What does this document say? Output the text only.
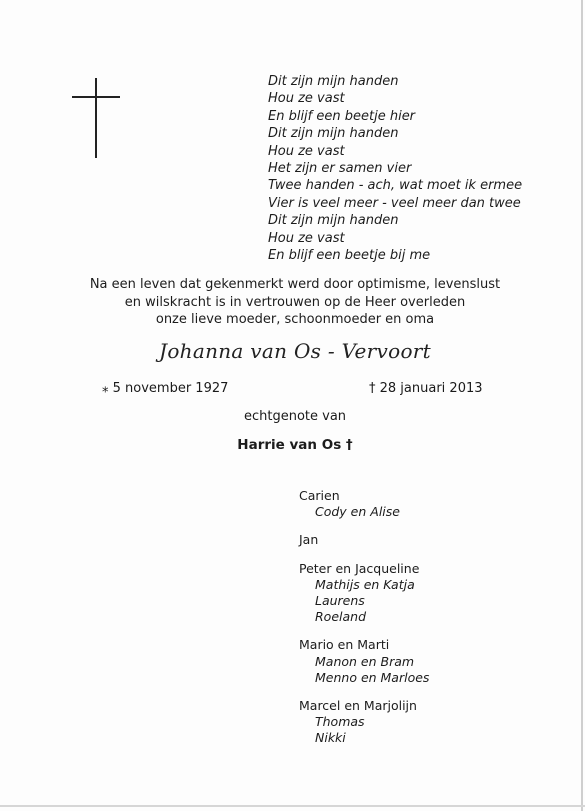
Dit zijn mijn handen
Hou ze vast
En blijf een beetje hier
Dit zijn mijn handen
Hou ze vast
Het zijn er samen vier
Twee handen - ach, wat moet ik ermee
Vier is veel meer - veel meer dan twee
Dit zijn mijn handen
Hou ze vast
En blijf een beetje bij me
Na een leven dat gekenmerkt werd door optimisme, levenslust
en wilskracht is in vertrouwen op de Heer overleden
onze lieve moeder, schoonmoeder en oma
Johanna van Os - Vervoort
⁎ 5 november 1927	† 28 januari 2013
echtgenote van
Harrie van Os †
Carien
Cody en Alise
Jan
Peter en Jacqueline
Mathijs en Katja
Laurens
Roeland
Mario en Marti
Manon en Bram
Menno en Marloes
Marcel en Marjolijn
Thomas
Nikki
